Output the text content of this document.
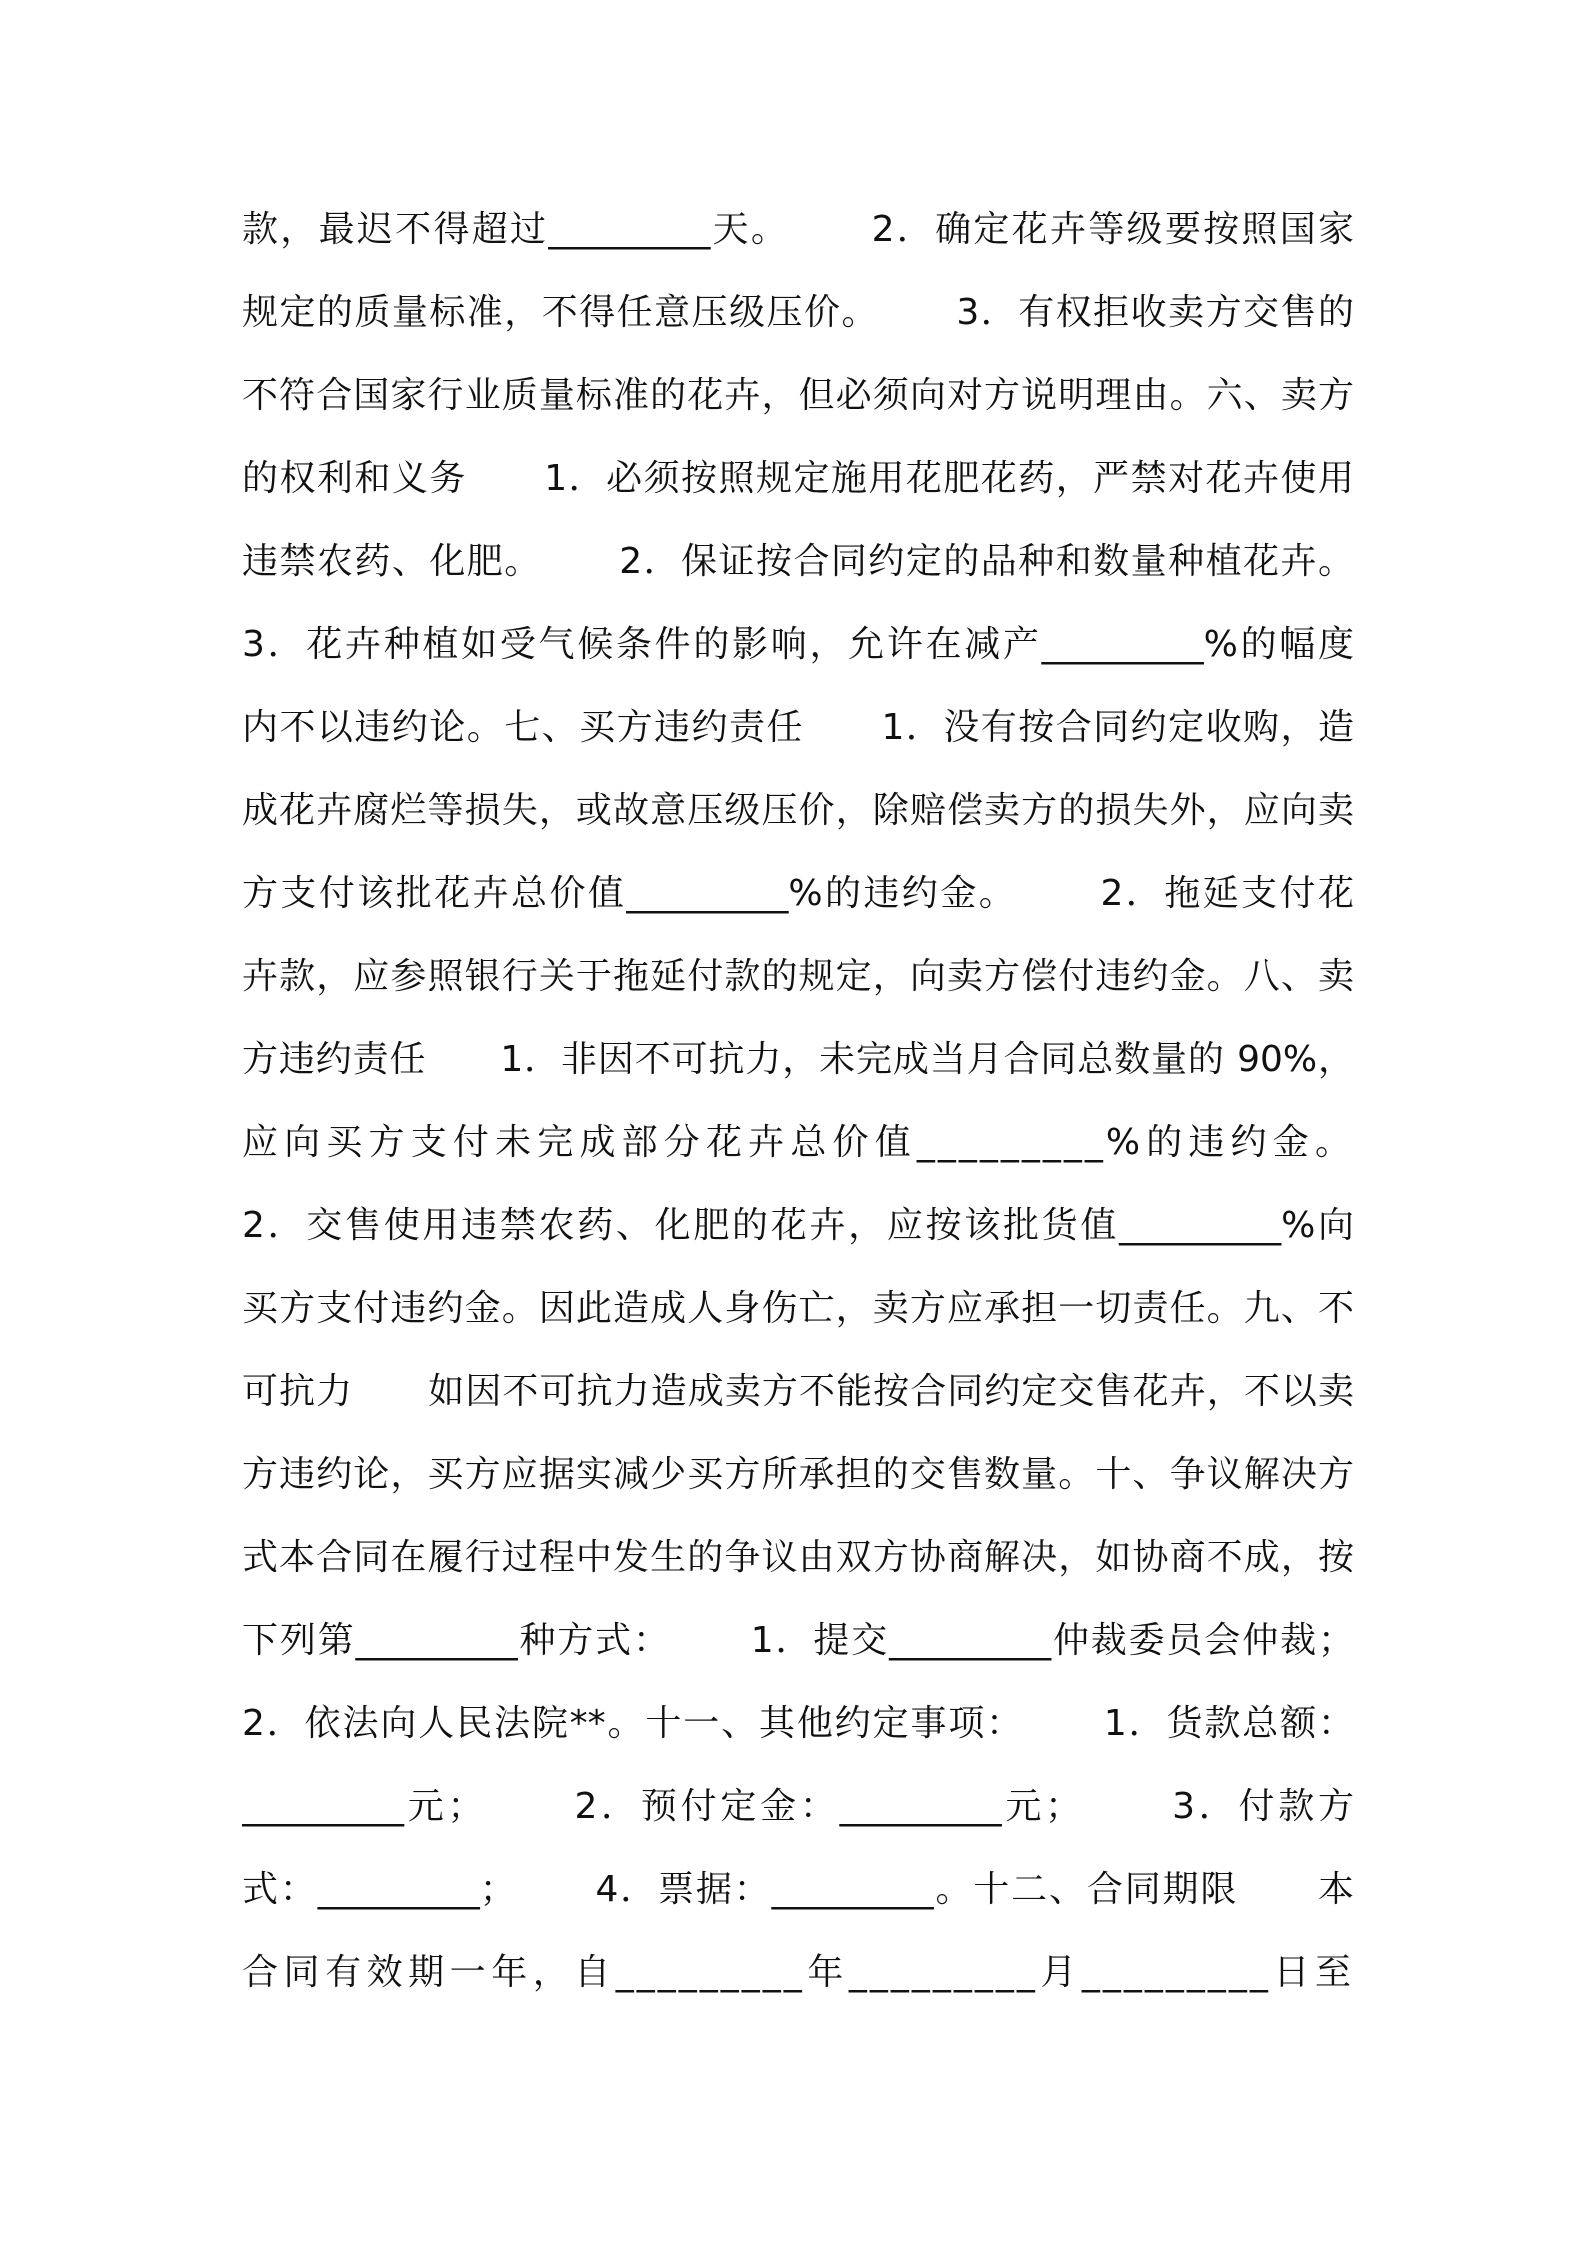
款，最迟不得超过_________天。      2．确定花卉等级要按照国家
规定的质量标准，不得任意压级压价。      3．有权拒收卖方交售的
不符合国家行业质量标准的花卉，但必须向对方说明理由。六、卖方
的权利和义务      1．必须按照规定施用花肥花药，严禁对花卉使用
违禁农药、化肥。      2．保证按合同约定的品种和数量种植花卉。
3．花卉种植如受气候条件的影响，允许在减产_________%的幅度
内不以违约论。七、买方违约责任      1．没有按合同约定收购，造
成花卉腐烂等损失，或故意压级压价，除赔偿卖方的损失外，应向卖
方支付该批花卉总价值_________%的违约金。      2．拖延支付花
卉款，应参照银行关于拖延付款的规定，向卖方偿付违约金。八、卖
方违约责任      1．非因不可抗力，未完成当月合同总数量的 90%，
应向买方支付未完成部分花卉总价值_________%的违约金。
2．交售使用违禁农药、化肥的花卉，应按该批货值_________%向
买方支付违约金。因此造成人身伤亡，卖方应承担一切责任。九、不
可抗力      如因不可抗力造成卖方不能按合同约定交售花卉，不以卖
方违约论，买方应据实减少买方所承担的交售数量。十、争议解决方
式本合同在履行过程中发生的争议由双方协商解决，如协商不成，按
下列第_________种方式：      1．提交_________仲裁委员会仲裁；
2．依法向人民法院**。十一、其他约定事项：      1．货款总额：
_________元；      2．预付定金：_________元；      3．付款方
式：_________；      4．票据：_________。十二、合同期限      本
合同有效期一年，自_________年_________月_________日至
